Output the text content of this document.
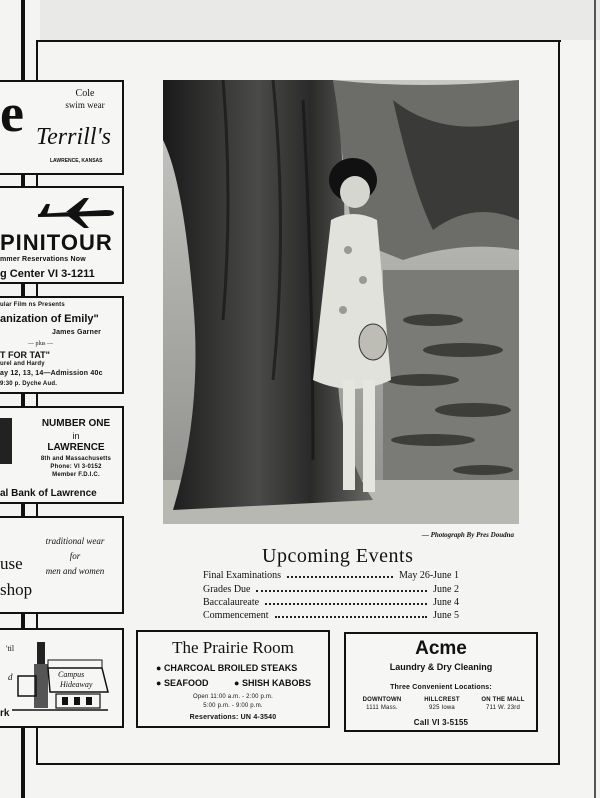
e	Cole
swim wear
Terrill's
LAWRENCE, KANSAS
PINITOUR
mmer Reservations Now
g Center VI 3-1211
ular Film ns Presents
anization of Emily"
James Garner
— plus —
T FOR TAT"
urel and Hardy
ay 12, 13, 14—Admission 40c
9:30 p. Dyche Aud.
NUMBER ONE
in
LAWRENCE
8th and Massachusetts
Phone: VI 3-0152
Member F.D.I.C.
al Bank of Lawrence
traditional wear
for
men and women
use
shop
'til
d
rk
Campus
Hideaway
— Photograph By Pres Doudna
Upcoming Events
Final Examinations	May 26-June 1
Grades Due	June 2
Baccalaureate	June 4
Commencement	June 5
The Prairie Room
● CHARCOAL BROILED STEAKS
● SEAFOOD	● SHISH KABOBS
Open 11:00 a.m. - 2:00 p.m.
5:00 p.m. - 9:00 p.m.
Reservations: UN 4-3540
Acme
Laundry & Dry Cleaning
Three Convenient Locations:
DOWNTOWN
1111 Mass.
HILLCREST
925 Iowa
ON THE MALL
711 W. 23rd
Call VI 3-5155
